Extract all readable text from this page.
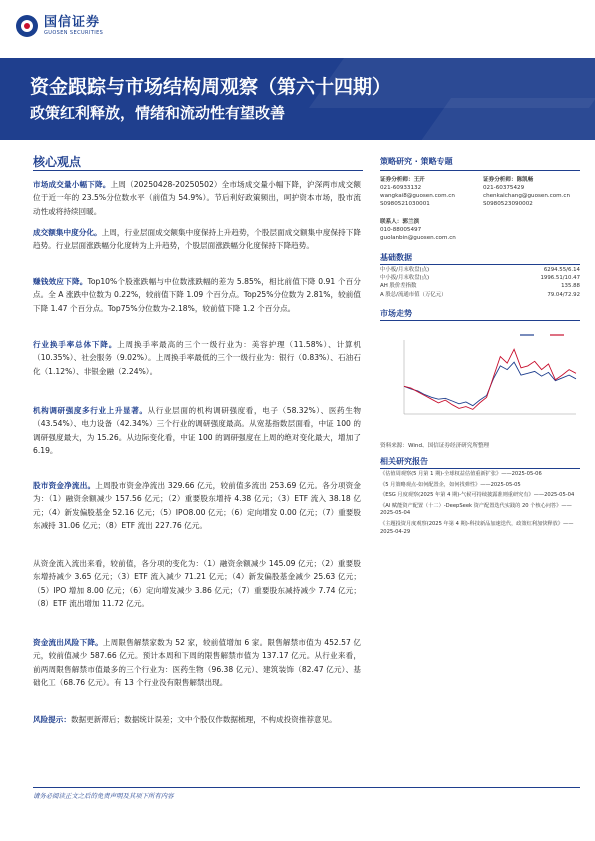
国信证券
GUOSEN SECURITIES
资金跟踪与市场结构周观察（第六十四期）
政策红利释放，情绪和流动性有望改善
核心观点
市场成交量小幅下降。上周（20250428-20250502）全市场成交量小幅下降，沪深两市成交额位于近一年的 23.5%分位数水平（前值为 54.9%）。节后利好政策频出，呵护资本市场，股市流动性或将持续回暖。
成交额集中度分化。上周，行业层面成交额集中度保持上升趋势，个股层面成交额集中度保持下降趋势。行业层面涨跌幅分化度转为上升趋势，个股层面涨跌幅分化度保持下降趋势。
赚钱效应下降。Top10%个股涨跌幅与中位数涨跌幅的差为 5.85%，相比前值下降 0.91 个百分点。全 A 涨跌中位数为 0.22%，较前值下降 1.09 个百分点。Top25%分位数为 2.81%，较前值下降 1.47 个百分点。Top75%分位数为-2.18%，较前值下降 1.2 个百分点。
行业换手率总体下降。上周换手率最高的三个一级行业为：美容护理（11.58%）、计算机（10.35%）、社会服务（9.02%）。上周换手率最低的三个一级行业为：银行（0.83%）、石油石化（1.12%）、非银金融（2.24%）。
机构调研强度多行业上升显著。从行业层面的机构调研强度看，电子（58.32%）、医药生物（43.54%）、电力设备（42.34%）三个行业的调研强度最高。从宽基指数层面看，中证 100 的调研强度最大，为 15.26。从边际变化看，中证 100 的调研强度在上周的绝对变化最大，增加了 6.19。
股市资金净流出。上周股市资金净流出 329.66 亿元，较前值多流出 253.69 亿元。各分项资金为：（1）融资余额减少 157.56 亿元；（2）重要股东增持 4.38 亿元；（3）ETF 流入 38.18 亿元；（4）新发偏股基金 52.16 亿元；（5）IPO8.00 亿元；（6）定向增发 0.00 亿元；（7）重要股东减持 31.06 亿元；（8）ETF 流出 227.76 亿元。
从资金流入流出来看，较前值，各分项的变化为：（1）融资余额减少 145.09 亿元；（2）重要股东增持减少 3.65 亿元；（3）ETF 流入减少 71.21 亿元；（4）新发偏股基金减少 25.63 亿元；（5）IPO 增加 8.00 亿元；（6）定向增发减少 3.86 亿元；（7）重要股东减持减少 7.74 亿元；（8）ETF 流出增加 11.72 亿元。
资金流出风险下降。上周限售解禁家数为 52 家，较前值增加 6 家。限售解禁市值为 452.57 亿元，较前值减少 587.66 亿元。预计本周和下周的限售解禁市值为 137.17 亿元。从行业来看，前两周限售解禁市值最多的三个行业为：医药生物（96.38 亿元）、建筑装饰（82.47 亿元）、基础化工（68.76 亿元）。有 13 个行业没有限售解禁出现。
风险提示：数据更新滞后；数据统计误差；文中个股仅作数据梳理，不构成投资推荐意见。
策略研究 · 策略专题
证券分析师：王开
021-60933132
wangkai8@guosen.com.cn
S0980521030001
证券分析师：陈凯畅
021-60375429
chenkaichang@guosen.com.cn
S0980523090002
联系人：郭兰滨
010-88005497
guolanbin@guosen.com.cn
基础数据
中小板/月末收盘(点)	6294.55/6.14
中小扳/月末收盘(点)	1996.51/10.47
AH 股价差指数	135.88
A 股总/流通市值（万亿元）	79.04/72.92
市场走势
资料来源：Wind、国信证券经济研究所整理
相关研究报告
《估值周观察(5 月第 1 期)-全球权益估值重新扩张》——2025-05-06
《5 月策略观点-如何配置企，如何找弹性》——2025-05-05
《ESG 月度观察(2025 年第 4 期)-气候可持续披露准则重研究有》——2025-05-04
《AI 赋能资产配置（十二）-DeepSeek 资产配置迭代实践的 20 个核心问答》——2025-05-04
《主题投资月度观察(2025 年第 4 期)-科技新品加速迭代，政策红利加快释放》——2025-04-29
请务必阅读正文之后的免责声明及其项下所有内容
